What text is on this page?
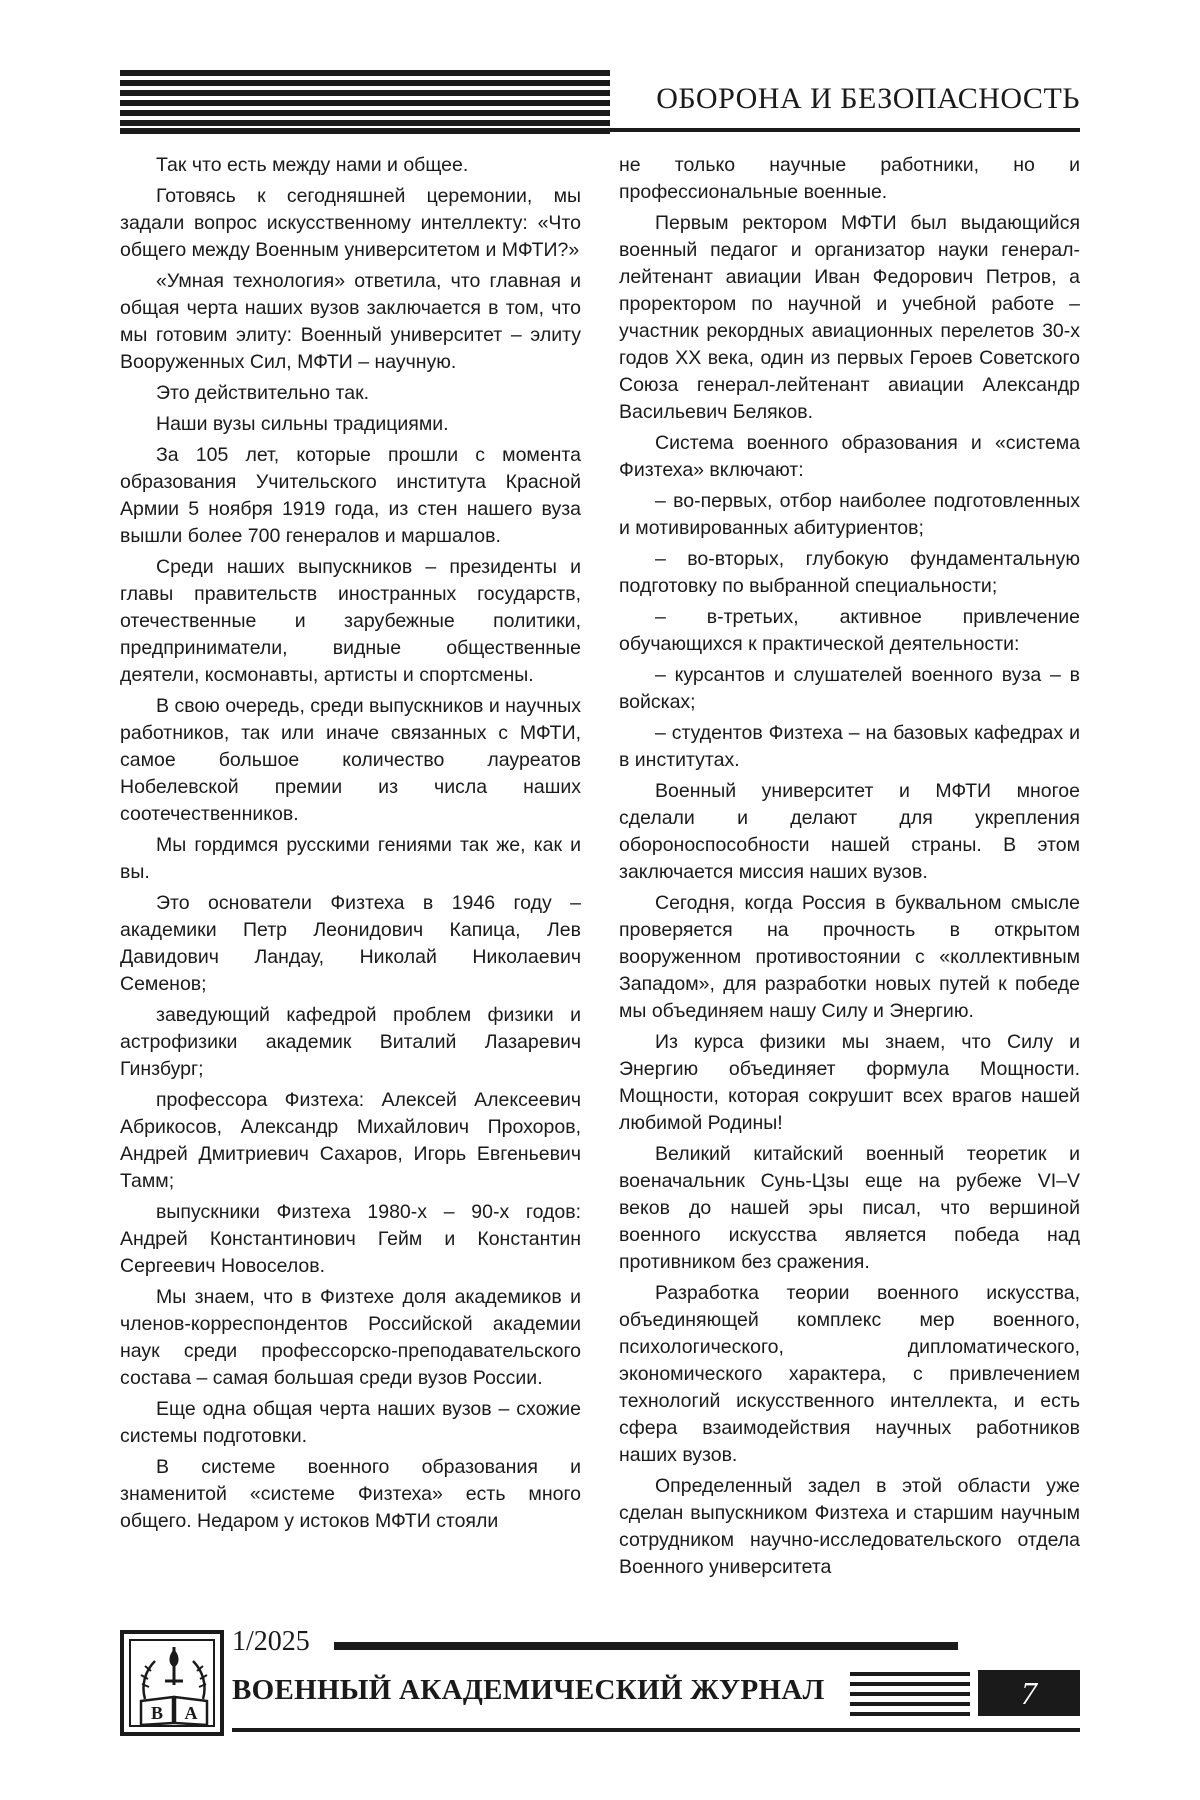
ОБОРОНА И БЕЗОПАСНОСТЬ

Так что есть между нами и общее.

Готовясь к сегодняшней церемонии, мы задали вопрос искусственному интеллекту: «Что общего между Военным университетом и МФТИ?»

«Умная технология» ответила, что главная и общая черта наших вузов заключается в том, что мы готовим элиту: Военный университет – элиту Вооруженных Сил, МФТИ – научную.

Это действительно так.

Наши вузы сильны традициями.

За 105 лет, которые прошли с момента образования Учительского института Красной Армии 5 ноября 1919 года, из стен нашего вуза вышли более 700 генералов и маршалов.

Среди наших выпускников – президенты и главы правительств иностранных государств, отечественные и зарубежные политики, предприниматели, видные общественные деятели, космонавты, артисты и спортсмены.

В свою очередь, среди выпускников и научных работников, так или иначе связанных с МФТИ, самое большое количество лауреатов Нобелевской премии из числа наших соотечественников.

Мы гордимся русскими гениями так же, как и вы.

Это основатели Физтеха в 1946 году – академики Петр Леонидович Капица, Лев Давидович Ландау, Николай Николаевич Семенов;

заведующий кафедрой проблем физики и астрофизики академик Виталий Лазаревич Гинзбург;

профессора Физтеха: Алексей Алексеевич Абрикосов, Александр Михайлович Прохоров, Андрей Дмитриевич Сахаров, Игорь Евгеньевич Тамм;

выпускники Физтеха 1980-х – 90-х годов: Андрей Константинович Гейм и Константин Сергеевич Новоселов.

Мы знаем, что в Физтехе доля академиков и членов-корреспондентов Российской академии наук среди профессорско-преподавательского состава – самая большая среди вузов России.

Еще одна общая черта наших вузов – схожие системы подготовки.

В системе военного образования и знаменитой «системе Физтеха» есть много общего. Недаром у истоков МФТИ стояли

не только научные работники, но и профессиональные военные.

Первым ректором МФТИ был выдающийся военный педагог и организатор науки генерал-лейтенант авиации Иван Федорович Петров, а проректором по научной и учебной работе – участник рекордных авиационных перелетов 30-х годов XX века, один из первых Героев Советского Союза генерал-лейтенант авиации Александр Васильевич Беляков.

Система военного образования и «система Физтеха» включают:

– во-первых, отбор наиболее подготовленных и мотивированных абитуриентов;

– во-вторых, глубокую фундаментальную подготовку по выбранной специальности;

– в-третьих, активное привлечение обучающихся к практической деятельности:

– курсантов и слушателей военного вуза – в войсках;

– студентов Физтеха – на базовых кафедрах и в институтах.

Военный университет и МФТИ многое сделали и делают для укрепления обороноспособности нашей страны. В этом заключается миссия наших вузов.

Сегодня, когда Россия в буквальном смысле проверяется на прочность в открытом вооруженном противостоянии с «коллективным Западом», для разработки новых путей к победе мы объединяем нашу Силу и Энергию.

Из курса физики мы знаем, что Силу и Энергию объединяет формула Мощности. Мощности, которая сокрушит всех врагов нашей любимой Родины!

Великий китайский военный теоретик и военачальник Сунь-Цзы еще на рубеже VI–V веков до нашей эры писал, что вершиной военного искусства является победа над противником без сражения.

Разработка теории военного искусства, объединяющей комплекс мер военного, психологического, дипломатического, экономического характера, с привлечением технологий искусственного интеллекта, и есть сфера взаимодействия научных работников наших вузов.

Определенный задел в этой области уже сделан выпускником Физтеха и старшим научным сотрудником научно-исследовательского отдела Военного университета

В А
1/2025
ВОЕННЫЙ АКАДЕМИЧЕСКИЙ ЖУРНАЛ	7
